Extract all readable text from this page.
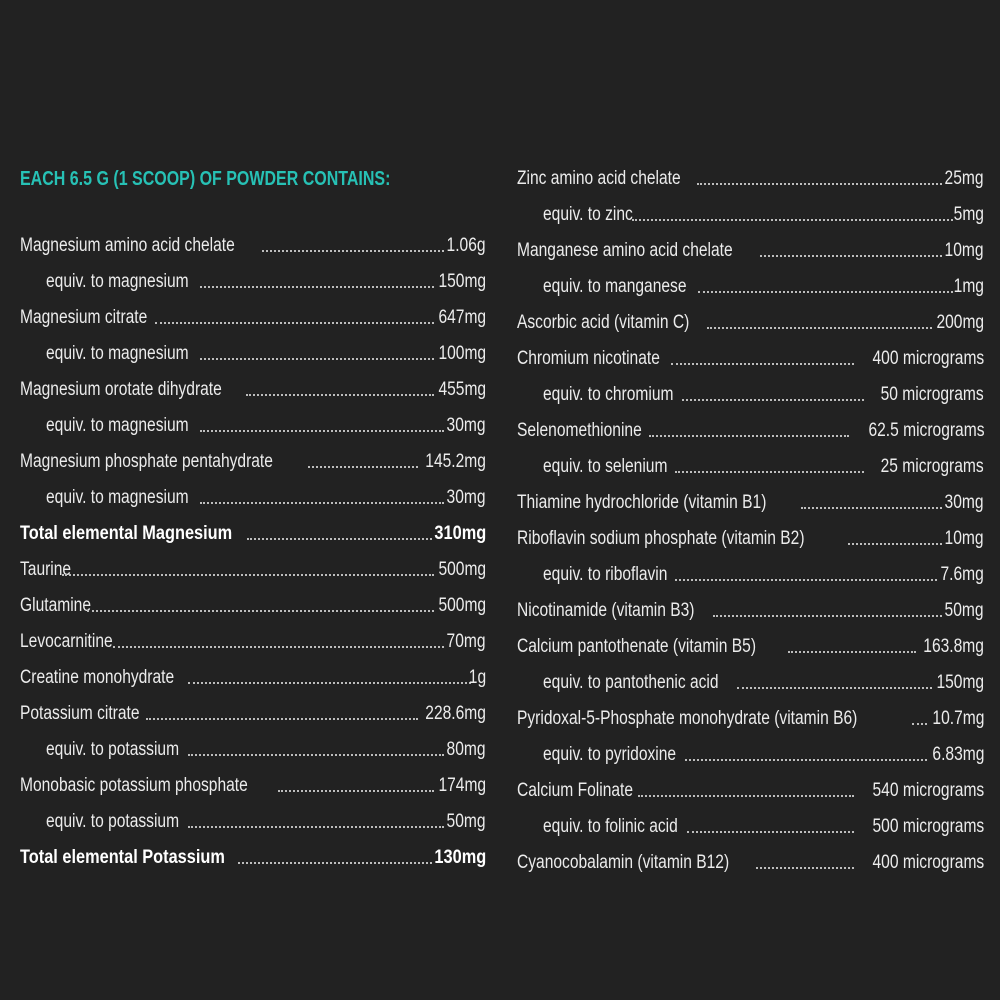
EACH 6.5 G (1 SCOOP) OF POWDER CONTAINS:
Magnesium amino acid chelate	1.06g
equiv. to magnesium	150mg
Magnesium citrate	647mg
equiv. to magnesium	100mg
Magnesium orotate dihydrate	455mg
equiv. to magnesium	30mg
Magnesium phosphate pentahydrate	145.2mg
equiv. to magnesium	30mg
Total elemental Magnesium	310mg
Taurine	500mg
Glutamine	500mg
Levocarnitine	70mg
Creatine monohydrate	1g
Potassium citrate	228.6mg
equiv. to potassium	80mg
Monobasic potassium phosphate	174mg
equiv. to potassium	50mg
Total elemental Potassium	130mg
Zinc amino acid chelate	25mg
equiv. to zinc	5mg
Manganese amino acid chelate	10mg
equiv. to manganese	1mg
Ascorbic acid (vitamin C)	200mg
Chromium nicotinate	400 micrograms
equiv. to chromium	50 micrograms
Selenomethionine	62.5 micrograms
equiv. to selenium	25 micrograms
Thiamine hydrochloride (vitamin B1)	30mg
Riboflavin sodium phosphate (vitamin B2)	10mg
equiv. to riboflavin	7.6mg
Nicotinamide (vitamin B3)	50mg
Calcium pantothenate (vitamin B5)	163.8mg
equiv. to pantothenic acid	150mg
Pyridoxal-5-Phosphate monohydrate (vitamin B6)	10.7mg
equiv. to pyridoxine	6.83mg
Calcium Folinate	540 micrograms
equiv. to folinic acid	500 micrograms
Cyanocobalamin (vitamin B12)	400 micrograms
